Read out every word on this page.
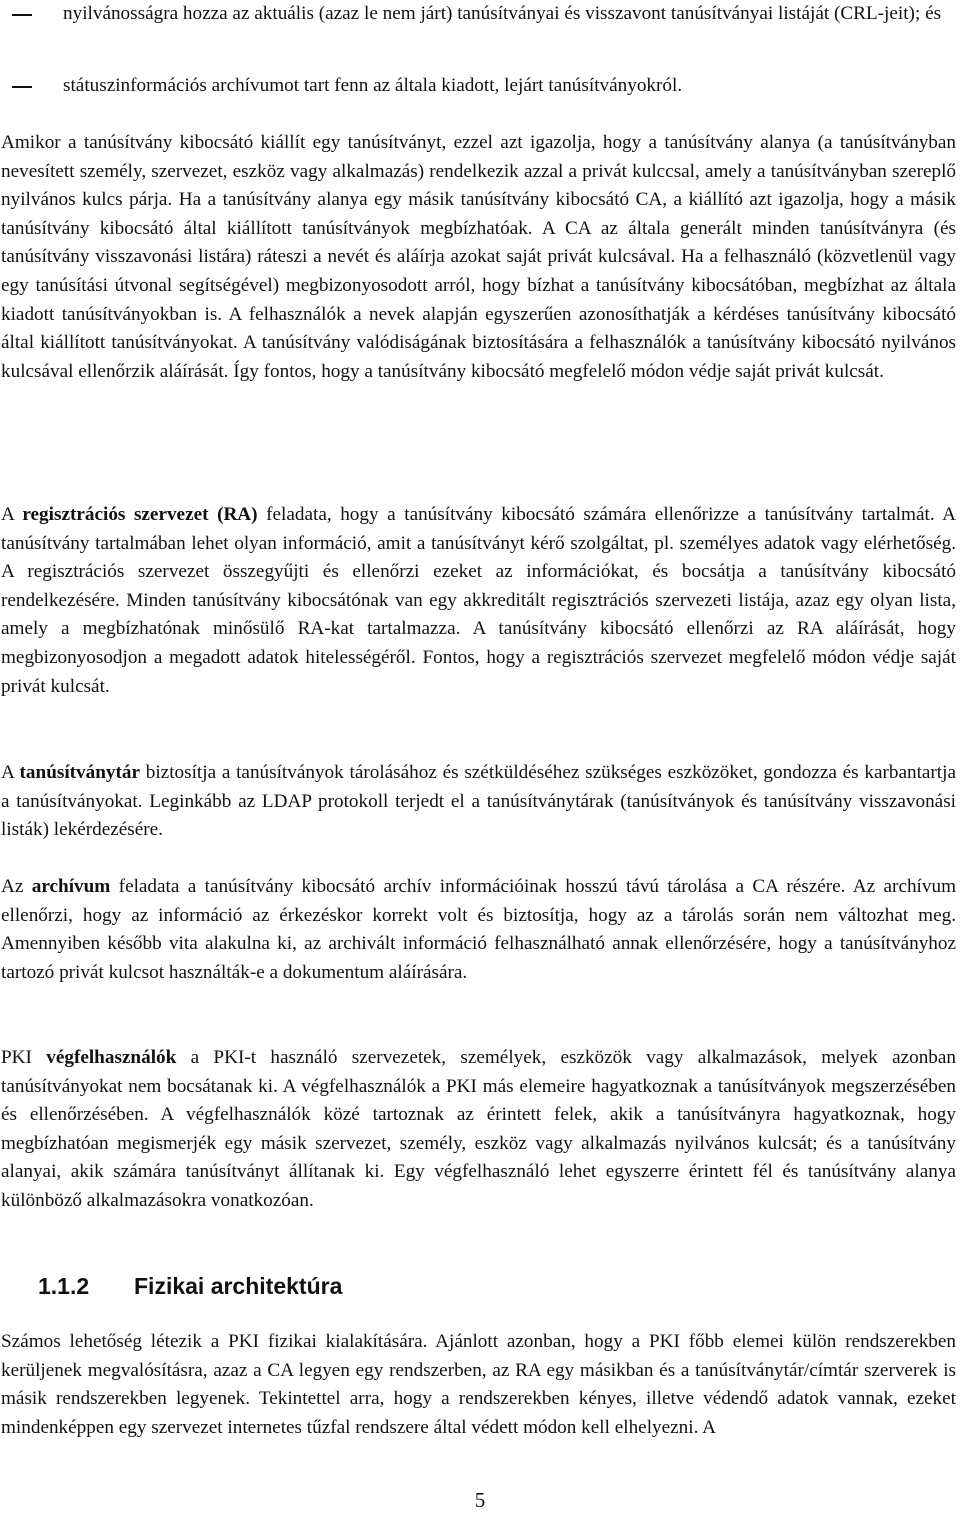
nyilvánosságra hozza az aktuális (azaz le nem járt) tanúsítványai és visszavont tanúsítványai listáját (CRL-jeit); és
státuszinformációs archívumot tart fenn az általa kiadott, lejárt tanúsítványokról.

Amikor a tanúsítvány kibocsátó kiállít egy tanúsítványt, ezzel azt igazolja, hogy a tanúsítvány alanya (a tanúsítványban nevesített személy, szervezet, eszköz vagy alkalmazás) rendelkezik azzal a privát kulccsal, amely a tanúsítványban szereplő nyilvános kulcs párja. Ha a tanúsítvány alanya egy másik tanúsítvány kibocsátó CA, a kiállító azt igazolja, hogy a másik tanúsítvány kibocsátó által kiállított tanúsítványok megbízhatóak. A CA az általa generált minden tanúsítványra (és tanúsítvány visszavonási listára) ráteszi a nevét és aláírja azokat saját privát kulcsával. Ha a felhasználó (közvetlenül vagy egy tanúsítási útvonal segítségével) megbizonyosodott arról, hogy bízhat a tanúsítvány kibocsátóban, megbízhat az általa kiadott tanúsítványokban is. A felhasználók a nevek alapján egyszerűen azonosíthatják a kérdéses tanúsítvány kibocsátó által kiállított tanúsítványokat. A tanúsítvány valódiságának biztosítására a felhasználók a tanúsítvány kibocsátó nyilvános kulcsával ellenőrzik aláírását. Így fontos, hogy a tanúsítvány kibocsátó megfelelő módon védje saját privát kulcsát.

A regisztrációs szervezet (RA) feladata, hogy a tanúsítvány kibocsátó számára ellenőrizze a tanúsítvány tartalmát. A tanúsítvány tartalmában lehet olyan információ, amit a tanúsítványt kérő szolgáltat, pl. személyes adatok vagy elérhetőség. A regisztrációs szervezet összegyűjti és ellenőrzi ezeket az információkat, és bocsátja a tanúsítvány kibocsátó rendelkezésére. Minden tanúsítvány kibocsátónak van egy akkreditált regisztrációs szervezeti listája, azaz egy olyan lista, amely a megbízhatónak minősülő RA-kat tartalmazza. A tanúsítvány kibocsátó ellenőrzi az RA aláírását, hogy megbizonyosodjon a megadott adatok hitelességéről. Fontos, hogy a regisztrációs szervezet megfelelő módon védje saját privát kulcsát.

A tanúsítványtár biztosítja a tanúsítványok tárolásához és szétküldéséhez szükséges eszközöket, gondozza és karbantartja a tanúsítványokat. Leginkább az LDAP protokoll terjedt el a tanúsítványtárak (tanúsítványok és tanúsítvány visszavonási listák) lekérdezésére.

Az archívum feladata a tanúsítvány kibocsátó archív információinak hosszú távú tárolása a CA részére. Az archívum ellenőrzi, hogy az információ az érkezéskor korrekt volt és biztosítja, hogy az a tárolás során nem változhat meg. Amennyiben később vita alakulna ki, az archivált információ felhasználható annak ellenőrzésére, hogy a tanúsítványhoz tartozó privát kulcsot használták-e a dokumentum aláírására.

PKI végfelhasználók a PKI-t használó szervezetek, személyek, eszközök vagy alkalmazások, melyek azonban tanúsítványokat nem bocsátanak ki. A végfelhasználók a PKI más elemeire hagyatkoznak a tanúsítványok megszerzésében és ellenőrzésében. A végfelhasználók közé tartoznak az érintett felek, akik a tanúsítványra hagyatkoznak, hogy megbízhatóan megismerjék egy másik szervezet, személy, eszköz vagy alkalmazás nyilvános kulcsát; és a tanúsítvány alanyai, akik számára tanúsítványt állítanak ki. Egy végfelhasználó lehet egyszerre érintett fél és tanúsítvány alanya különböző alkalmazásokra vonatkozóan.

1.1.2 Fizikai architektúra

Számos lehetőség létezik a PKI fizikai kialakítására. Ajánlott azonban, hogy a PKI főbb elemei külön rendszerekben kerüljenek megvalósításra, azaz a CA legyen egy rendszerben, az RA egy másikban és a tanúsítványtár/címtár szerverek is másik rendszerekben legyenek. Tekintettel arra, hogy a rendszerekben kényes, illetve védendő adatok vannak, ezeket mindenképpen egy szervezet internetes tűzfal rendszere által védett módon kell elhelyezni. A

5
